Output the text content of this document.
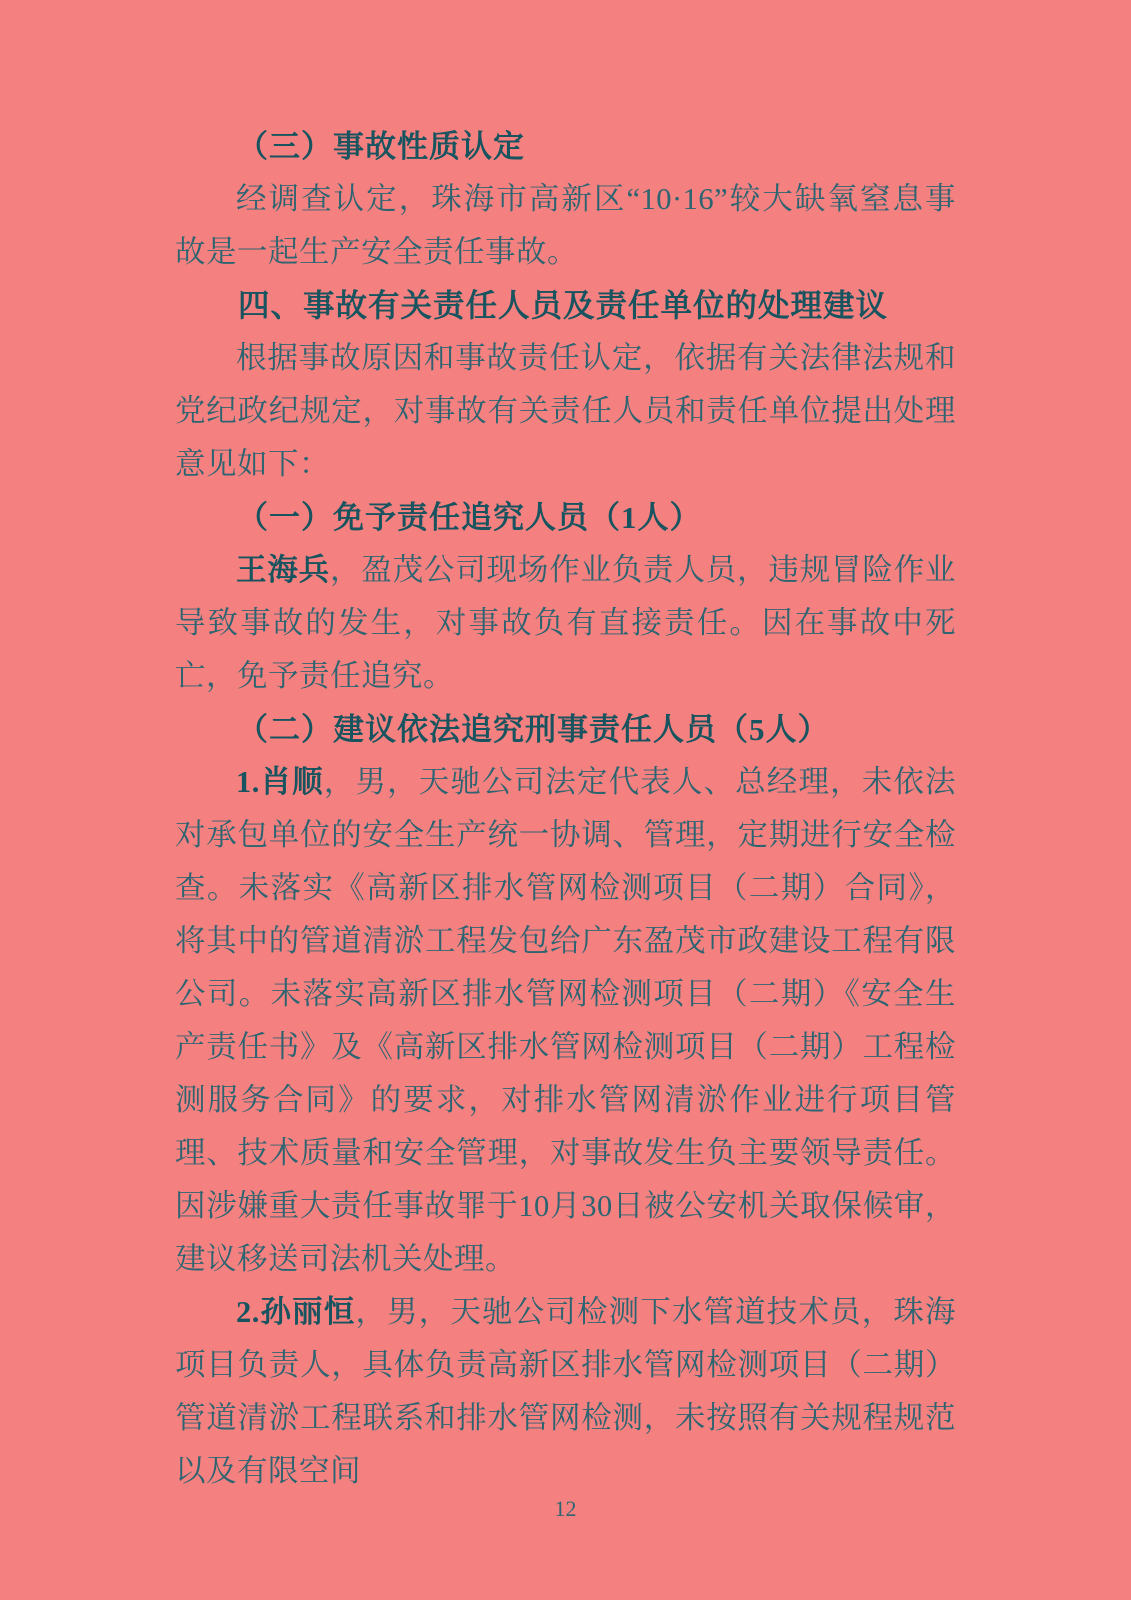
（三）事故性质认定

经调查认定，珠海市高新区“10·16”较大缺氧窒息事故是一起生产安全责任事故。

四、事故有关责任人员及责任单位的处理建议

根据事故原因和事故责任认定，依据有关法律法规和党纪政纪规定，对事故有关责任人员和责任单位提出处理意见如下：

（一）免予责任追究人员（1人）

王海兵，盈茂公司现场作业负责人员，违规冒险作业导致事故的发生，对事故负有直接责任。因在事故中死亡，免予责任追究。

（二）建议依法追究刑事责任人员（5人）

1.肖顺，男，天驰公司法定代表人、总经理，未依法对承包单位的安全生产统一协调、管理，定期进行安全检查。未落实《高新区排水管网检测项目（二期）合同》，将其中的管道清淤工程发包给广东盈茂市政建设工程有限公司。未落实高新区排水管网检测项目（二期）《安全生产责任书》及《高新区排水管网检测项目（二期）工程检测服务合同》的要求，对排水管网清淤作业进行项目管理、技术质量和安全管理，对事故发生负主要领导责任。因涉嫌重大责任事故罪于10月30日被公安机关取保候审，建议移送司法机关处理。

2.孙丽恒，男，天驰公司检测下水管道技术员，珠海项目负责人，具体负责高新区排水管网检测项目（二期）管道清淤工程联系和排水管网检测，未按照有关规程规范以及有限空间

12
